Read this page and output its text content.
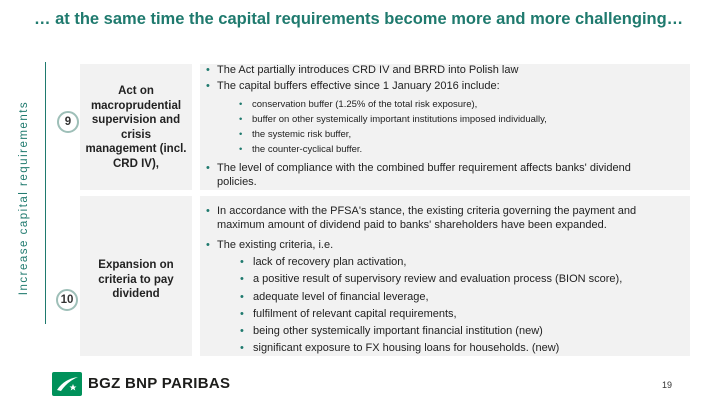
… at the same time the capital requirements become more and more challenging…
Increase capital requirements
Act on
macroprudential
supervision and
crisis
management (incl.
CRD IV),
9
• The Act partially introduces CRD IV and BRRD into Polish law
• The capital buffers effective since 1 January 2016 include:
• conservation buffer (1.25% of the total risk exposure),
• buffer on other systemically important institutions imposed individually,
• the systemic risk buffer,
• the counter-cyclical buffer.
• The level of compliance with the combined buffer requirement affects banks' dividend
policies.
Expansion on
criteria to pay
dividend
10
• In accordance with the PFSA's stance, the existing criteria governing the payment and
maximum amount of dividend paid to banks' shareholders have been expanded.
• The existing criteria, i.e.
• lack of recovery plan activation,
• a positive result of supervisory review and evaluation process (BION score),
• adequate level of financial leverage,
• fulfilment of relevant capital requirements,
• being other systemically important financial institution (new)
• significant exposure to FX housing loans for households. (new)
BGZ BNP PARIBAS	19
